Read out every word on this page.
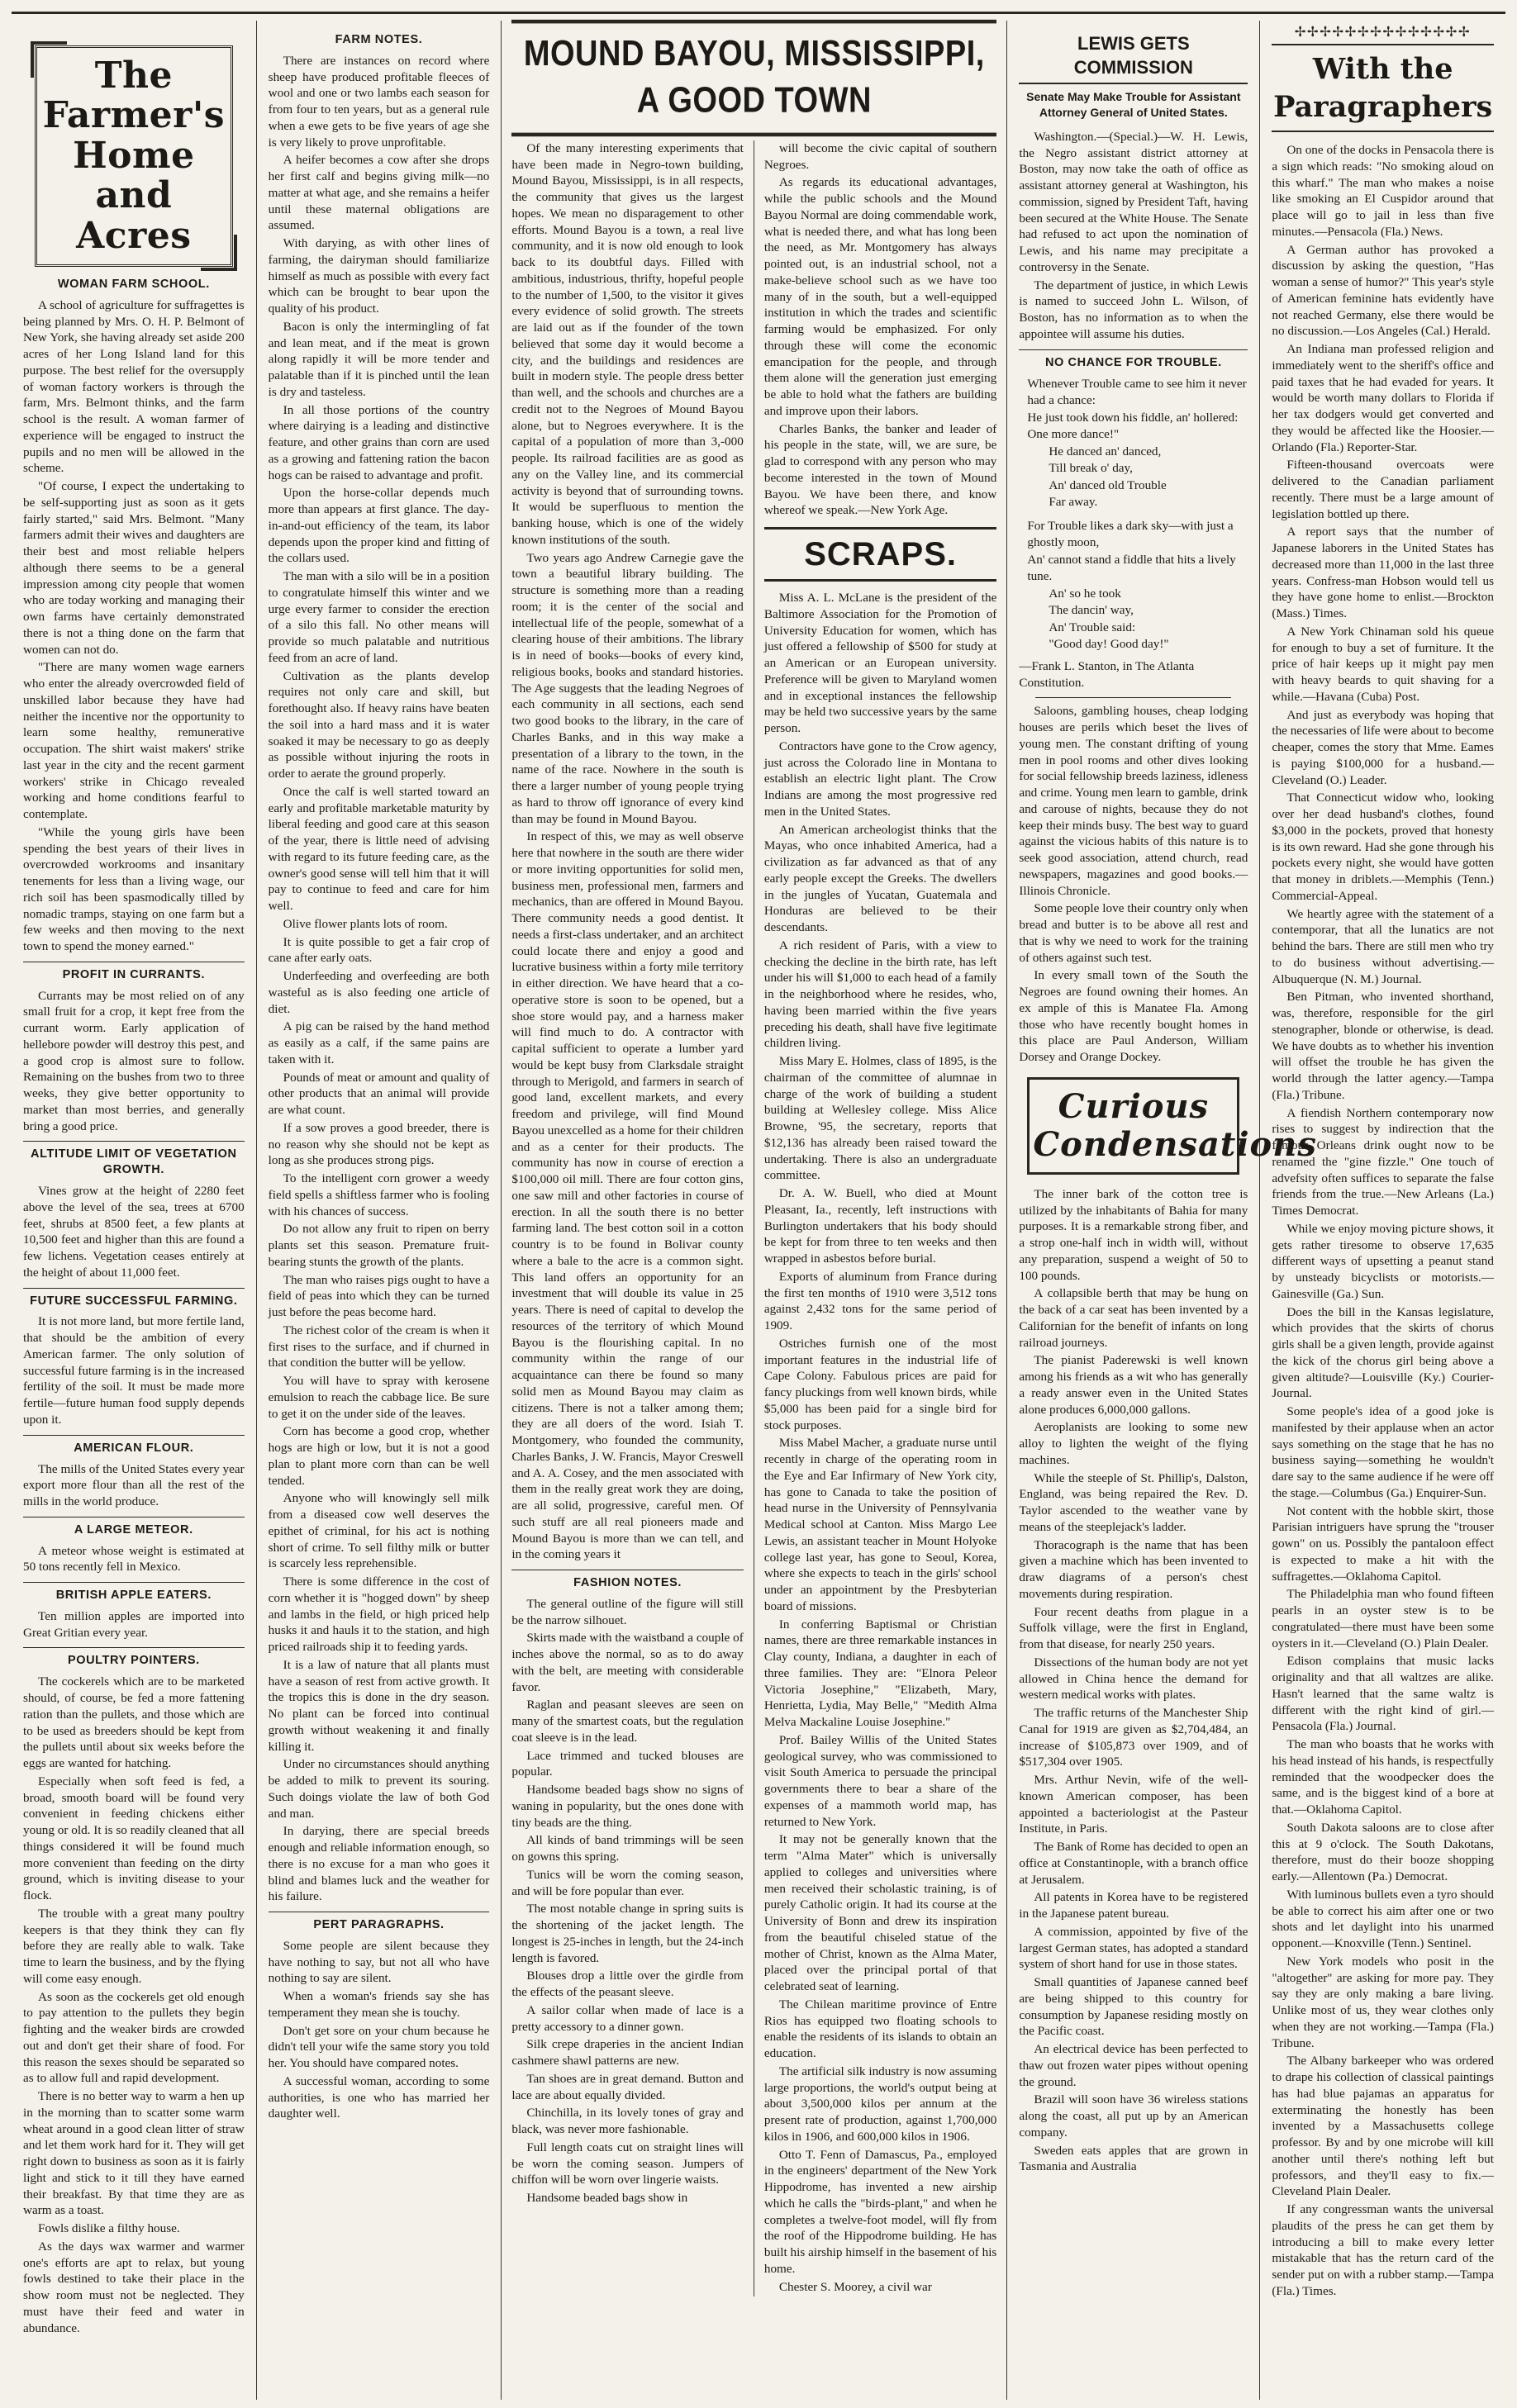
The Farmer's Home and Acres
WOMAN FARM SCHOOL.

A school of agriculture for suffragettes is being planned by Mrs. O. H. P. Belmont of New York, she having already set aside 200 acres of her Long Island land for this purpose. The best relief for the oversupply of woman factory workers is through the farm, Mrs. Belmont thinks, and the farm school is the result. A woman farmer of experience will be engaged to instruct the pupils and no men will be allowed in the scheme.

"Of course, I expect the undertaking to be self-supporting just as soon as it gets fairly started," said Mrs. Belmont. "Many farmers admit their wives and daughters are their best and most reliable helpers although there seems to be a general impression among city people that women who are today working and managing their own farms have certainly demonstrated there is not a thing done on the farm that women can not do.

"There are many women wage earners who enter the already overcrowded field of unskilled labor because they have had neither the incentive nor the opportunity to learn some healthy, remunerative occupation. The shirt waist makers' strike last year in the city and the recent garment workers' strike in Chicago revealed working and home conditions fearful to contemplate.

"While the young girls have been spending the best years of their lives in overcrowded workrooms and insanitary tenements for less than a living wage, our rich soil has been spasmodically tilled by nomadic tramps, staying on one farm but a few weeks and then moving to the next town to spend the money earned."

PROFIT IN CURRANTS.

Currants may be most relied on of any small fruit for a crop, it kept free from the currant worm. Early application of hellebore powder will destroy this pest, and a good crop is almost sure to follow. Remaining on the bushes from two to three weeks, they give better opportunity to market than most berries, and generally bring a good price.

ALTITUDE LIMIT OF VEGETATION GROWTH.

Vines grow at the height of 2280 feet above the level of the sea, trees at 6700 feet, shrubs at 8500 feet, a few plants at 10,500 feet and higher than this are found a few lichens. Vegetation ceases entirely at the height of about 11,000 feet.

FUTURE SUCCESSFUL FARMING.

It is not more land, but more fertile land, that should be the ambition of every American farmer. The only solution of successful future farming is in the increased fertility of the soil. It must be made more fertile—future human food supply depends upon it.

AMERICAN FLOUR.

The mills of the United States every year export more flour than all the rest of the mills in the world produce.

A LARGE METEOR.

A meteor whose weight is estimated at 50 tons recently fell in Mexico.

BRITISH APPLE EATERS.

Ten million apples are imported into Great Gritian every year.

POULTRY POINTERS.

The cockerels which are to be marketed should, of course, be fed a more fattening ration than the pullets, and those which are to be used as breeders should be kept from the pullets until about six weeks before the eggs are wanted for hatching.

Especially when soft feed is fed, a broad, smooth board will be found very convenient in feeding chickens either young or old. It is so readily cleaned that all things considered it will be found much more convenient than feeding on the dirty ground, which is inviting disease to your flock.

The trouble with a great many poultry keepers is that they think they can fly before they are really able to walk. Take time to learn the business, and by the flying will come easy enough.

As soon as the cockerels get old enough to pay attention to the pullets they begin fighting and the weaker birds are crowded out and don't get their share of food. For this reason the sexes should be separated so as to allow full and rapid development.

There is no better way to warm a hen up in the morning than to scatter some warm wheat around in a good clean litter of straw and let them work hard for it. They will get right down to business as soon as it is fairly light and stick to it till they have earned their breakfast. By that time they are as warm as a toast.

Fowls dislike a filthy house.

As the days wax warmer and warmer one's efforts are apt to relax, but young fowls destined to take their place in the show room must not be neglected. They must have their feed and water in abundance.

FARM NOTES.

There are instances on record where sheep have produced profitable fleeces of wool and one or two lambs each season for from four to ten years, but as a general rule when a ewe gets to be five years of age she is very likely to prove unprofitable.

A heifer becomes a cow after she drops her first calf and begins giving milk—no matter at what age, and she remains a heifer until these maternal obligations are assumed.

With darying, as with other lines of farming, the dairyman should familiarize himself as much as possible with every fact which can be brought to bear upon the quality of his product.

Bacon is only the intermingling of fat and lean meat, and if the meat is grown along rapidly it will be more tender and palatable than if it is pinched until the lean is dry and tasteless.

In all those portions of the country where dairying is a leading and distinctive feature, and other grains than corn are used as a growing and fattening ration the bacon hogs can be raised to advantage and profit.

Upon the horse-collar depends much more than appears at first glance. The day-in-and-out efficiency of the team, its labor depends upon the proper kind and fitting of the collars used.

The man with a silo will be in a position to congratulate himself this winter and we urge every farmer to consider the erection of a silo this fall. No other means will provide so much palatable and nutritious feed from an acre of land.

Cultivation as the plants develop requires not only care and skill, but forethought also. If heavy rains have beaten the soil into a hard mass and it is water soaked it may be necessary to go as deeply as possible without injuring the roots in order to aerate the ground properly.

Once the calf is well started toward an early and profitable marketable maturity by liberal feeding and good care at this season of the year, there is little need of advising with regard to its future feeding care, as the owner's good sense will tell him that it will pay to continue to feed and care for him well.

Olive flower plants lots of room.

It is quite possible to get a fair crop of cane after early oats.

Underfeeding and overfeeding are both wasteful as is also feeding one article of diet.

A pig can be raised by the hand method as easily as a calf, if the same pains are taken with it.

Pounds of meat or amount and quality of other products that an animal will provide are what count.

If a sow proves a good breeder, there is no reason why she should not be kept as long as she produces strong pigs.

To the intelligent corn grower a weedy field spells a shiftless farmer who is fooling with his chances of success.

Do not allow any fruit to ripen on berry plants set this season. Premature fruit-bearing stunts the growth of the plants.

The man who raises pigs ought to have a field of peas into which they can be turned just before the peas become hard.

The richest color of the cream is when it first rises to the surface, and if churned in that condition the butter will be yellow.

You will have to spray with kerosene emulsion to reach the cabbage lice. Be sure to get it on the under side of the leaves.

Corn has become a good crop, whether hogs are high or low, but it is not a good plan to plant more corn than can be well tended.

Anyone who will knowingly sell milk from a diseased cow well deserves the epithet of criminal, for his act is nothing short of crime. To sell filthy milk or butter is scarcely less reprehensible.

There is some difference in the cost of corn whether it is "hogged down" by sheep and lambs in the field, or high priced help husks it and hauls it to the station, and high priced railroads ship it to feeding yards.

It is a law of nature that all plants must have a season of rest from active growth. It the tropics this is done in the dry season. No plant can be forced into continual growth without weakening it and finally killing it.

Under no circumstances should anything be added to milk to prevent its souring. Such doings violate the law of both God and man.

In darying, there are special breeds enough and reliable information enough, so there is no excuse for a man who goes it blind and blames luck and the weather for his failure.

PERT PARAGRAPHS.

Some people are silent because they have nothing to say, but not all who have nothing to say are silent.

When a woman's friends say she has temperament they mean she is touchy.

Don't get sore on your chum because he didn't tell your wife the same story you told her. You should have compared notes.

A successful woman, according to some authorities, is one who has married her daughter well.

MOUND BAYOU, MISSISSIPPI, A GOOD TOWN

Of the many interesting experiments that have been made in Negro-town building, Mound Bayou, Mississippi, is in all respects, the community that gives us the largest hopes. We mean no disparagement to other efforts. Mound Bayou is a town, a real live community, and it is now old enough to look back to its doubtful days. Filled with ambitious, industrious, thrifty, hopeful people to the number of 1,500, to the visitor it gives every evidence of solid growth. The streets are laid out as if the founder of the town believed that some day it would become a city, and the buildings and residences are built in modern style. The people dress better than well, and the schools and churches are a credit not to the Negroes of Mound Bayou alone, but to Negroes everywhere. It is the capital of a population of more than 3,-000 people. Its railroad facilities are as good as any on the Valley line, and its commercial activity is beyond that of surrounding towns. It would be superfluous to mention the banking house, which is one of the widely known institutions of the south.

Two years ago Andrew Carnegie gave the town a beautiful library building. The structure is something more than a reading room; it is the center of the social and intellectual life of the people, somewhat of a clearing house of their ambitions. The library is in need of books—books of every kind, religious books, books and standard histories. The Age suggests that the leading Negroes of each community in all sections, each send two good books to the library, in the care of Charles Banks, and in this way make a presentation of a library to the town, in the name of the race. Nowhere in the south is there a larger number of young people trying as hard to throw off ignorance of every kind than may be found in Mound Bayou.

In respect of this, we may as well observe here that nowhere in the south are there wider or more inviting opportunities for solid men, business men, professional men, farmers and mechanics, than are offered in Mound Bayou. There community needs a good dentist. It needs a first-class undertaker, and an architect could locate there and enjoy a good and lucrative business within a forty mile territory in either direction. We have heard that a co-operative store is soon to be opened, but a shoe store would pay, and a harness maker will find much to do. A contractor with capital sufficient to operate a lumber yard would be kept busy from Clarksdale straight through to Merigold, and farmers in search of good land, excellent markets, and every freedom and privilege, will find Mound Bayou unexcelled as a home for their children and as a center for their products. The community has now in course of erection a $100,000 oil mill. There are four cotton gins, one saw mill and other factories in course of erection. In all the south there is no better farming land. The best cotton soil in a cotton country is to be found in Bolivar county where a bale to the acre is a common sight. This land offers an opportunity for an investment that will double its value in 25 years. There is need of capital to develop the resources of the territory of which Mound Bayou is the flourishing capital. In no community within the range of our acquaintance can there be found so many solid men as Mound Bayou may claim as citizens. There is not a talker among them; they are all doers of the word. Isiah T. Montgomery, who founded the community, Charles Banks, J. W. Francis, Mayor Creswell and A. A. Cosey, and the men associated with them in the really great work they are doing, are all solid, progressive, careful men. Of such stuff are all real pioneers made and Mound Bayou is more than we can tell, and in the coming years it

FASHION NOTES.

The general outline of the figure will still be the narrow silhouet.

Skirts made with the waistband a couple of inches above the normal, so as to do away with the belt, are meeting with considerable favor.

Raglan and peasant sleeves are seen on many of the smartest coats, but the regulation coat sleeve is in the lead.

Lace trimmed and tucked blouses are popular.

Handsome beaded bags show no signs of waning in popularity, but the ones done with tiny beads are the thing.

All kinds of band trimmings will be seen on gowns this spring.

Tunics will be worn the coming season, and will be fore popular than ever.

The most notable change in spring suits is the shortening of the jacket length. The longest is 25-inches in length, but the 24-inch length is favored.

Blouses drop a little over the girdle from the effects of the peasant sleeve.

A sailor collar when made of lace is a pretty accessory to a dinner gown.

Silk crepe draperies in the ancient Indian cashmere shawl patterns are new.

Tan shoes are in great demand. Button and lace are about equally divided.

Chinchilla, in its lovely tones of gray and black, was never more fashionable.

Full length coats cut on straight lines will be worn the coming season. Jumpers of chiffon will be worn over lingerie waists.

Handsome beaded bags show in

will become the civic capital of southern Negroes.

As regards its educational advantages, while the public schools and the Mound Bayou Normal are doing commendable work, what is needed there, and what has long been the need, as Mr. Montgomery has always pointed out, is an industrial school, not a make-believe school such as we have too many of in the south, but a well-equipped institution in which the trades and scientific farming would be emphasized. For only through these will come the economic emancipation for the people, and through them alone will the generation just emerging be able to hold what the fathers are building and improve upon their labors.

Charles Banks, the banker and leader of his people in the state, will, we are sure, be glad to correspond with any person who may become interested in the town of Mound Bayou. We have been there, and know whereof we speak.—New York Age.

SCRAPS.

Miss A. L. McLane is the president of the Baltimore Association for the Promotion of University Education for women, which has just offered a fellowship of $500 for study at an American or an European university. Preference will be given to Maryland women and in exceptional instances the fellowship may be held two successive years by the same person.

Contractors have gone to the Crow agency, just across the Colorado line in Montana to establish an electric light plant. The Crow Indians are among the most progressive red men in the United States.

An American archeologist thinks that the Mayas, who once inhabited America, had a civilization as far advanced as that of any early people except the Greeks. The dwellers in the jungles of Yucatan, Guatemala and Honduras are believed to be their descendants.

A rich resident of Paris, with a view to checking the decline in the birth rate, has left under his will $1,000 to each head of a family in the neighborhood where he resides, who, having been married within the five years preceding his death, shall have five legitimate children living.

Miss Mary E. Holmes, class of 1895, is the chairman of the committee of alumnae in charge of the work of building a student building at Wellesley college. Miss Alice Browne, '95, the secretary, reports that $12,136 has already been raised toward the undertaking. There is also an undergraduate committee.

Dr. A. W. Buell, who died at Mount Pleasant, Ia., recently, left instructions with Burlington undertakers that his body should be kept for from three to ten weeks and then wrapped in asbestos before burial.

Exports of aluminum from France during the first ten months of 1910 were 3,512 tons against 2,432 tons for the same period of 1909.

Ostriches furnish one of the most important features in the industrial life of Cape Colony. Fabulous prices are paid for fancy pluckings from well known birds, while $5,000 has been paid for a single bird for stock purposes.

Miss Mabel Macher, a graduate nurse until recently in charge of the operating room in the Eye and Ear Infirmary of New York city, has gone to Canada to take the position of head nurse in the University of Pennsylvania Medical school at Canton. Miss Margo Lee Lewis, an assistant teacher in Mount Holyoke college last year, has gone to Seoul, Korea, where she expects to teach in the girls' school under an appointment by the Presbyterian board of missions.

In conferring Baptismal or Christian names, there are three remarkable instances in Clay county, Indiana, a daughter in each of three families. They are: "Elnora Peleor Victoria Josephine," "Elizabeth, Mary, Henrietta, Lydia, May Belle," "Medith Alma Melva Mackaline Louise Josephine."

Prof. Bailey Willis of the United States geological survey, who was commissioned to visit South America to persuade the principal governments there to bear a share of the expenses of a mammoth world map, has returned to New York.

It may not be generally known that the term "Alma Mater" which is universally applied to colleges and universities where men received their scholastic training, is of purely Catholic origin. It had its course at the University of Bonn and drew its inspiration from the beautiful chiseled statue of the mother of Christ, known as the Alma Mater, placed over the principal portal of that celebrated seat of learning.

The Chilean maritime province of Entre Rios has equipped two floating schools to enable the residents of its islands to obtain an education.

The artificial silk industry is now assuming large proportions, the world's output being at about 3,500,000 kilos per annum at the present rate of production, against 1,700,000 kilos in 1906, and 600,000 kilos in 1906.

Otto T. Fenn of Damascus, Pa., employed in the engineers' department of the New York Hippodrome, has invented a new airship which he calls the "birds-plant," and when he completes a twelve-foot model, will fly from the roof of the Hippodrome building. He has built his airship himself in the basement of his home.

Chester S. Moorey, a civil war

LEWIS GETS COMMISSION
Senate May Make Trouble for Assistant Attorney General of United States.

Washington.—(Special.)—W. H. Lewis, the Negro assistant district attorney at Boston, may now take the oath of office as assistant attorney general at Washington, his commission, signed by President Taft, having been secured at the White House. The Senate had refused to act upon the nomination of Lewis, and his name may precipitate a controversy in the Senate.

The department of justice, in which Lewis is named to succeed John L. Wilson, of Boston, has no information as to when the appointee will assume his duties.

NO CHANCE FOR TROUBLE.
Whenever Trouble came to see him it never had a chance:
He just took down his fiddle, an' hollered: One more dance!"
He danced an' danced,
Till break o' day,
An' danced old Trouble
Far away.
For Trouble likes a dark sky—with just a ghostly moon,
An' cannot stand a fiddle that hits a lively tune.
An' so he took
The dancin' way,
An' Trouble said:
"Good day! Good day!"
—Frank L. Stanton, in The Atlanta Constitution.

Saloons, gambling houses, cheap lodging houses are perils which beset the lives of young men. The constant drifting of young men in pool rooms and other dives looking for social fellowship breeds laziness, idleness and crime. Young men learn to gamble, drink and carouse of nights, because they do not keep their minds busy. The best way to guard against the vicious habits of this nature is to seek good association, attend church, read newspapers, magazines and good books.—Illinois Chronicle.

Some people love their country only when bread and butter is to be above all rest and that is why we need to work for the training of others against such test.

In every small town of the South the Negroes are found owning their homes. An ex ample of this is Manatee Fla. Among those who have recently bought homes in this place are Paul Anderson, William Dorsey and Orange Dockey.

Curious Condensations

The inner bark of the cotton tree is utilized by the inhabitants of Bahia for many purposes. It is a remarkable strong fiber, and a strop one-half inch in width will, without any preparation, suspend a weight of 50 to 100 pounds.

A collapsible berth that may be hung on the back of a car seat has been invented by a Californian for the benefit of infants on long railroad journeys.

The pianist Paderewski is well known among his friends as a wit who has generally a ready answer even in the United States alone produces 6,000,000 gallons.

Aeroplanists are looking to some new alloy to lighten the weight of the flying machines.

While the steeple of St. Phillip's, Dalston, England, was being repaired the Rev. D. Taylor ascended to the weather vane by means of the steeplejack's ladder.

Thoracograph is the name that has been given a machine which has been invented to draw diagrams of a person's chest movements during respiration.

Four recent deaths from plague in a Suffolk village, were the first in England, from that disease, for nearly 250 years.

Dissections of the human body are not yet allowed in China hence the demand for western medical works with plates.

The traffic returns of the Manchester Ship Canal for 1919 are given as $2,704,484, an increase of $105,873 over 1909, and of $517,304 over 1905.

Mrs. Arthur Nevin, wife of the well-known American composer, has been appointed a bacteriologist at the Pasteur Institute, in Paris.

The Bank of Rome has decided to open an office at Constantinople, with a branch office at Jerusalem.

All patents in Korea have to be registered in the Japanese patent bureau.

A commission, appointed by five of the largest German states, has adopted a standard system of short hand for use in those states.

Small quantities of Japanese canned beef are being shipped to this country for consumption by Japanese residing mostly on the Pacific coast.

An electrical device has been perfected to thaw out frozen water pipes without opening the ground.

Brazil will soon have 36 wireless stations along the coast, all put up by an American company.

Sweden eats apples that are grown in Tasmania and Australia

✢✢✢✢✢✢✢✢✢✢✢✢✢✢
With the Paragraphers

On one of the docks in Pensacola there is a sign which reads: "No smoking aloud on this wharf." The man who makes a noise like smoking an El Cuspidor around that place will go to jail in less than five minutes.—Pensacola (Fla.) News.

A German author has provoked a discussion by asking the question, "Has woman a sense of humor?" This year's style of American feminine hats evidently have not reached Germany, else there would be no discussion.—Los Angeles (Cal.) Herald.

An Indiana man professed religion and immediately went to the sheriff's office and paid taxes that he had evaded for years. It would be worth many dollars to Florida if her tax dodgers would get converted and they would be affected like the Hoosier.—Orlando (Fla.) Reporter-Star.

Fifteen-thousand overcoats were delivered to the Canadian parliament recently. There must be a large amount of legislation bottled up there.

A report says that the number of Japanese laborers in the United States has decreased more than 11,000 in the last three years. Confress-man Hobson would tell us they have gone home to enlist.—Brockton (Mass.) Times.

A New York Chinaman sold his queue for enough to buy a set of furniture. It the price of hair keeps up it might pay men with heavy beards to quit shaving for a while.—Havana (Cuba) Post.

And just as everybody was hoping that the necessaries of life were about to become cheaper, comes the story that Mme. Eames is paying $100,000 for a husband.—Cleveland (O.) Leader.

That Connecticut widow who, looking over her dead husband's clothes, found $3,000 in the pockets, proved that honesty is its own reward. Had she gone through his pockets every night, she would have gotten that money in driblets.—Memphis (Tenn.) Commercial-Appeal.

We heartly agree with the statement of a contemporar, that all the lunatics are not behind the bars. There are still men who try to do business without advertising.—Albuquerque (N. M.) Journal.

Ben Pitman, who invented shorthand, was, therefore, responsible for the girl stenographer, blonde or otherwise, is dead. We have doubts as to whether his invention will offset the trouble he has given the world through the latter agency.—Tampa (Fla.) Tribune.

A fiendish Northern contemporary now rises to suggest by indirection that the famous Orleans drink ought now to be renamed the "gine fizzle." One touch of advefsity often suffices to separate the false friends from the true.—New Arleans (La.) Times Democrat.

While we enjoy moving picture shows, it gets rather tiresome to observe 17,635 different ways of upsetting a peanut stand by unsteady bicyclists or motorists.—Gainesville (Ga.) Sun.

Does the bill in the Kansas legislature, which provides that the skirts of chorus girls shall be a given length, provide against the kick of the chorus girl being above a given altitude?—Louisville (Ky.) Courier-Journal.

Some people's idea of a good joke is manifested by their applause when an actor says something on the stage that he has no business saying—something he wouldn't dare say to the same audience if he were off the stage.—Columbus (Ga.) Enquirer-Sun.

Not content with the hobble skirt, those Parisian intriguers have sprung the "trouser gown" on us. Possibly the pantaloon effect is expected to make a hit with the suffragettes.—Oklahoma Capitol.

The Philadelphia man who found fifteen pearls in an oyster stew is to be congratulated—there must have been some oysters in it.—Cleveland (O.) Plain Dealer.

Edison complains that music lacks originality and that all waltzes are alike. Hasn't learned that the same waltz is different with the right kind of girl.—Pensacola (Fla.) Journal.

The man who boasts that he works with his head instead of his hands, is respectfully reminded that the woodpecker does the same, and is the biggest kind of a bore at that.—Oklahoma Capitol.

South Dakota saloons are to close after this at 9 o'clock. The South Dakotans, therefore, must do their booze shopping early.—Allentown (Pa.) Democrat.

With luminous bullets even a tyro should be able to correct his aim after one or two shots and let daylight into his unarmed opponent.—Knoxville (Tenn.) Sentinel.

New York models who posit in the "altogether" are asking for more pay. They say they are only making a bare living. Unlike most of us, they wear clothes only when they are not working.—Tampa (Fla.) Tribune.

The Albany barkeeper who was ordered to drape his collection of classical paintings has had blue pajamas an apparatus for exterminating the honestly has been invented by a Massachusetts college professor. By and by one microbe will kill another until there's nothing left but professors, and they'll easy to fix.—Cleveland Plain Dealer.

If any congressman wants the universal plaudits of the press he can get them by introducing a bill to make every letter mistakable that has the return card of the sender put on with a rubber stamp.—Tampa (Fla.) Times.
